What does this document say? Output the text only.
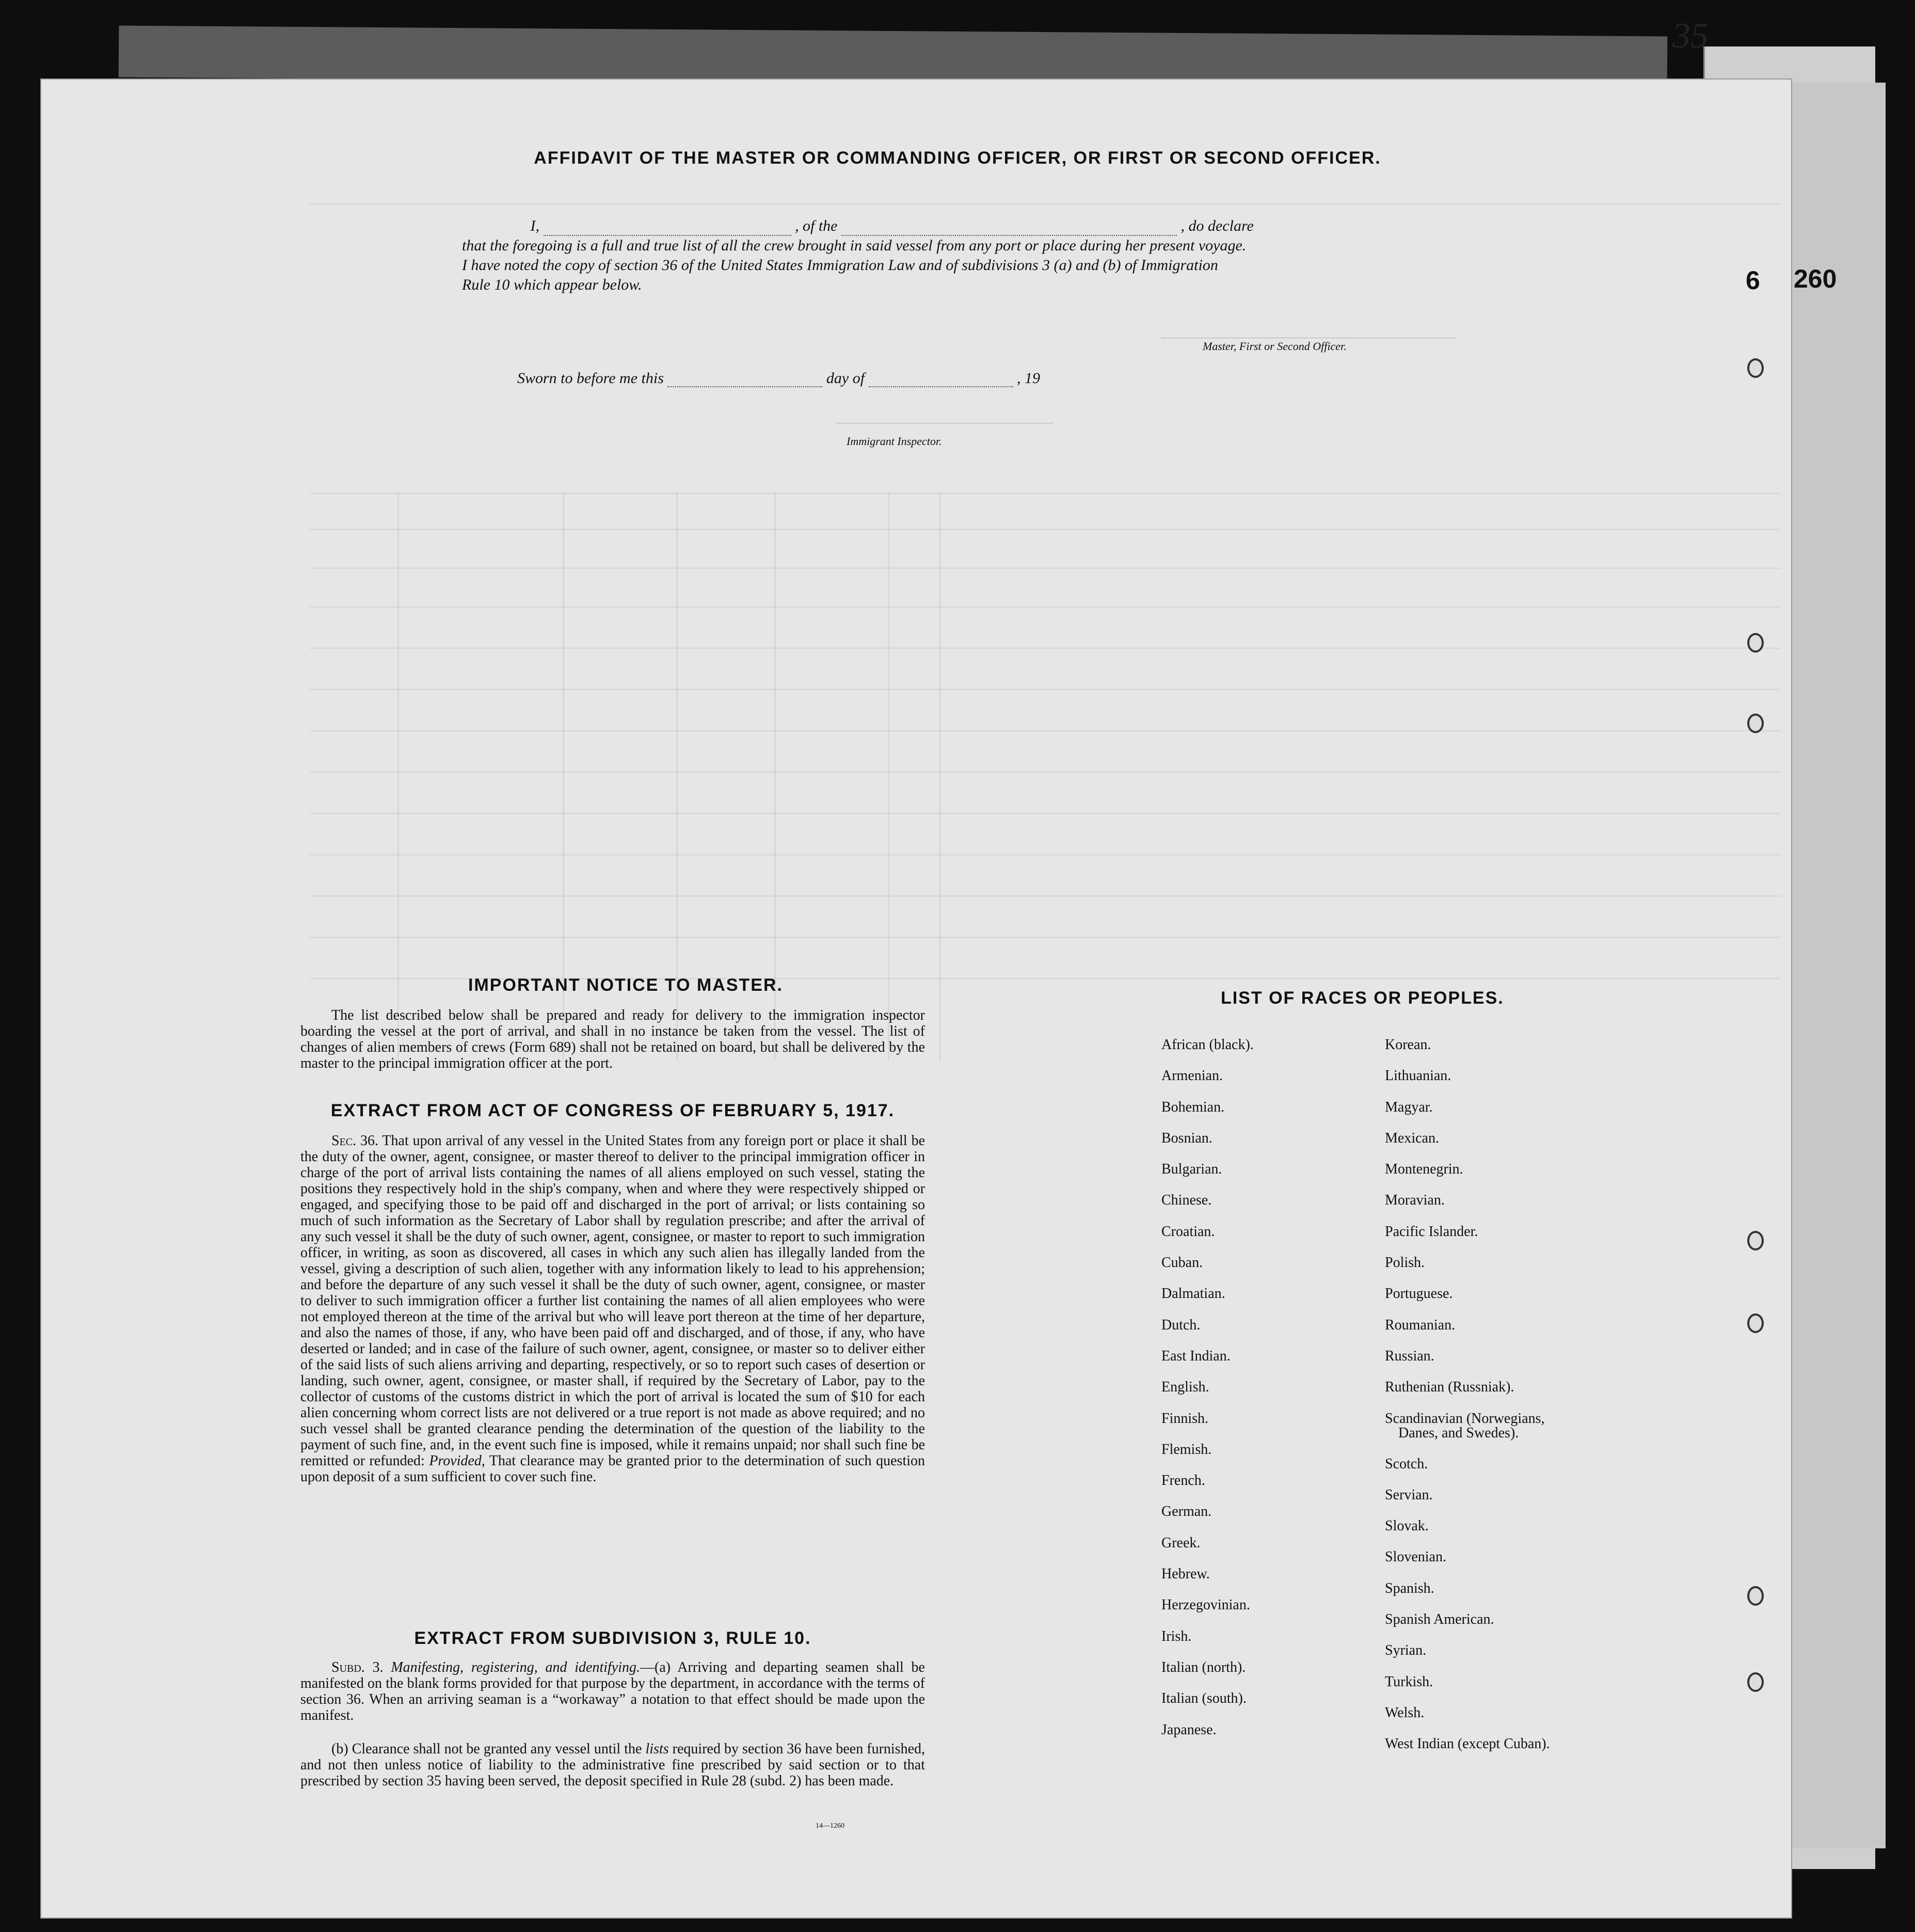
35
6 260
AFFIDAVIT OF THE MASTER OR COMMANDING OFFICER, OR FIRST OR SECOND OFFICER.
I,	, of the	, do declare
that the foregoing is a full and true list of all the crew brought in said vessel from any port or place during her present voyage.
I have noted the copy of section 36 of the United States Immigration Law and of subdivisions 3 (a) and (b) of Immigration
Rule 10 which appear below.
Master, First or Second Officer.
Sworn to before me this	day of	, 19
Immigrant Inspector.
IMPORTANT NOTICE TO MASTER.
The list described below shall be prepared and ready for delivery to the immigration inspector boarding the vessel at the port of arrival, and shall in no instance be taken from the vessel. The list of changes of alien members of crews (Form 689) shall not be retained on board, but shall be delivered by the master to the principal immigration officer at the port.
EXTRACT FROM ACT OF CONGRESS OF FEBRUARY 5, 1917.
Sec. 36. That upon arrival of any vessel in the United States from any foreign port or place it shall be the duty of the owner, agent, consignee, or master thereof to deliver to the principal immigration officer in charge of the port of arrival lists containing the names of all aliens employed on such vessel, stating the positions they respectively hold in the ship's company, when and where they were respectively shipped or engaged, and specifying those to be paid off and discharged in the port of arrival; or lists containing so much of such information as the Secretary of Labor shall by regulation prescribe; and after the arrival of any such vessel it shall be the duty of such owner, agent, consignee, or master to report to such immigration officer, in writing, as soon as discovered, all cases in which any such alien has illegally landed from the vessel, giving a description of such alien, together with any information likely to lead to his apprehension; and before the departure of any such vessel it shall be the duty of such owner, agent, consignee, or master to deliver to such immigration officer a further list containing the names of all alien employees who were not employed thereon at the time of the arrival but who will leave port thereon at the time of her departure, and also the names of those, if any, who have been paid off and discharged, and of those, if any, who have deserted or landed; and in case of the failure of such owner, agent, consignee, or master so to deliver either of the said lists of such aliens arriving and departing, respectively, or so to report such cases of desertion or landing, such owner, agent, consignee, or master shall, if required by the Secretary of Labor, pay to the collector of customs of the customs district in which the port of arrival is located the sum of $10 for each alien concerning whom correct lists are not delivered or a true report is not made as above required; and no such vessel shall be granted clearance pending the determination of the question of the liability to the payment of such fine, and, in the event such fine is imposed, while it remains unpaid; nor shall such fine be remitted or refunded: Provided, That clearance may be granted prior to the determination of such question upon deposit of a sum sufficient to cover such fine.
EXTRACT FROM SUBDIVISION 3, RULE 10.
Subd. 3. Manifesting, registering, and identifying.—(a) Arriving and departing seamen shall be manifested on the blank forms provided for that purpose by the department, in accordance with the terms of section 36. When an arriving seaman is a “workaway” a notation to that effect should be made upon the manifest.
(b) Clearance shall not be granted any vessel until the lists required by section 36 have been furnished, and not then unless notice of liability to the administrative fine prescribed by said section or to that prescribed by section 35 having been served, the deposit specified in Rule 28 (subd. 2) has been made.
14—1260
LIST OF RACES OR PEOPLES.
African (black).
Armenian.
Bohemian.
Bosnian.
Bulgarian.
Chinese.
Croatian.
Cuban.
Dalmatian.
Dutch.
East Indian.
English.
Finnish.
Flemish.
French.
German.
Greek.
Hebrew.
Herzegovinian.
Irish.
Italian (north).
Italian (south).
Japanese.
Korean.
Lithuanian.
Magyar.
Mexican.
Montenegrin.
Moravian.
Pacific Islander.
Polish.
Portuguese.
Roumanian.
Russian.
Ruthenian (Russniak).
Scandinavian (Norwegians,
Danes, and Swedes).
Scotch.
Servian.
Slovak.
Slovenian.
Spanish.
Spanish American.
Syrian.
Turkish.
Welsh.
West Indian (except Cuban).
